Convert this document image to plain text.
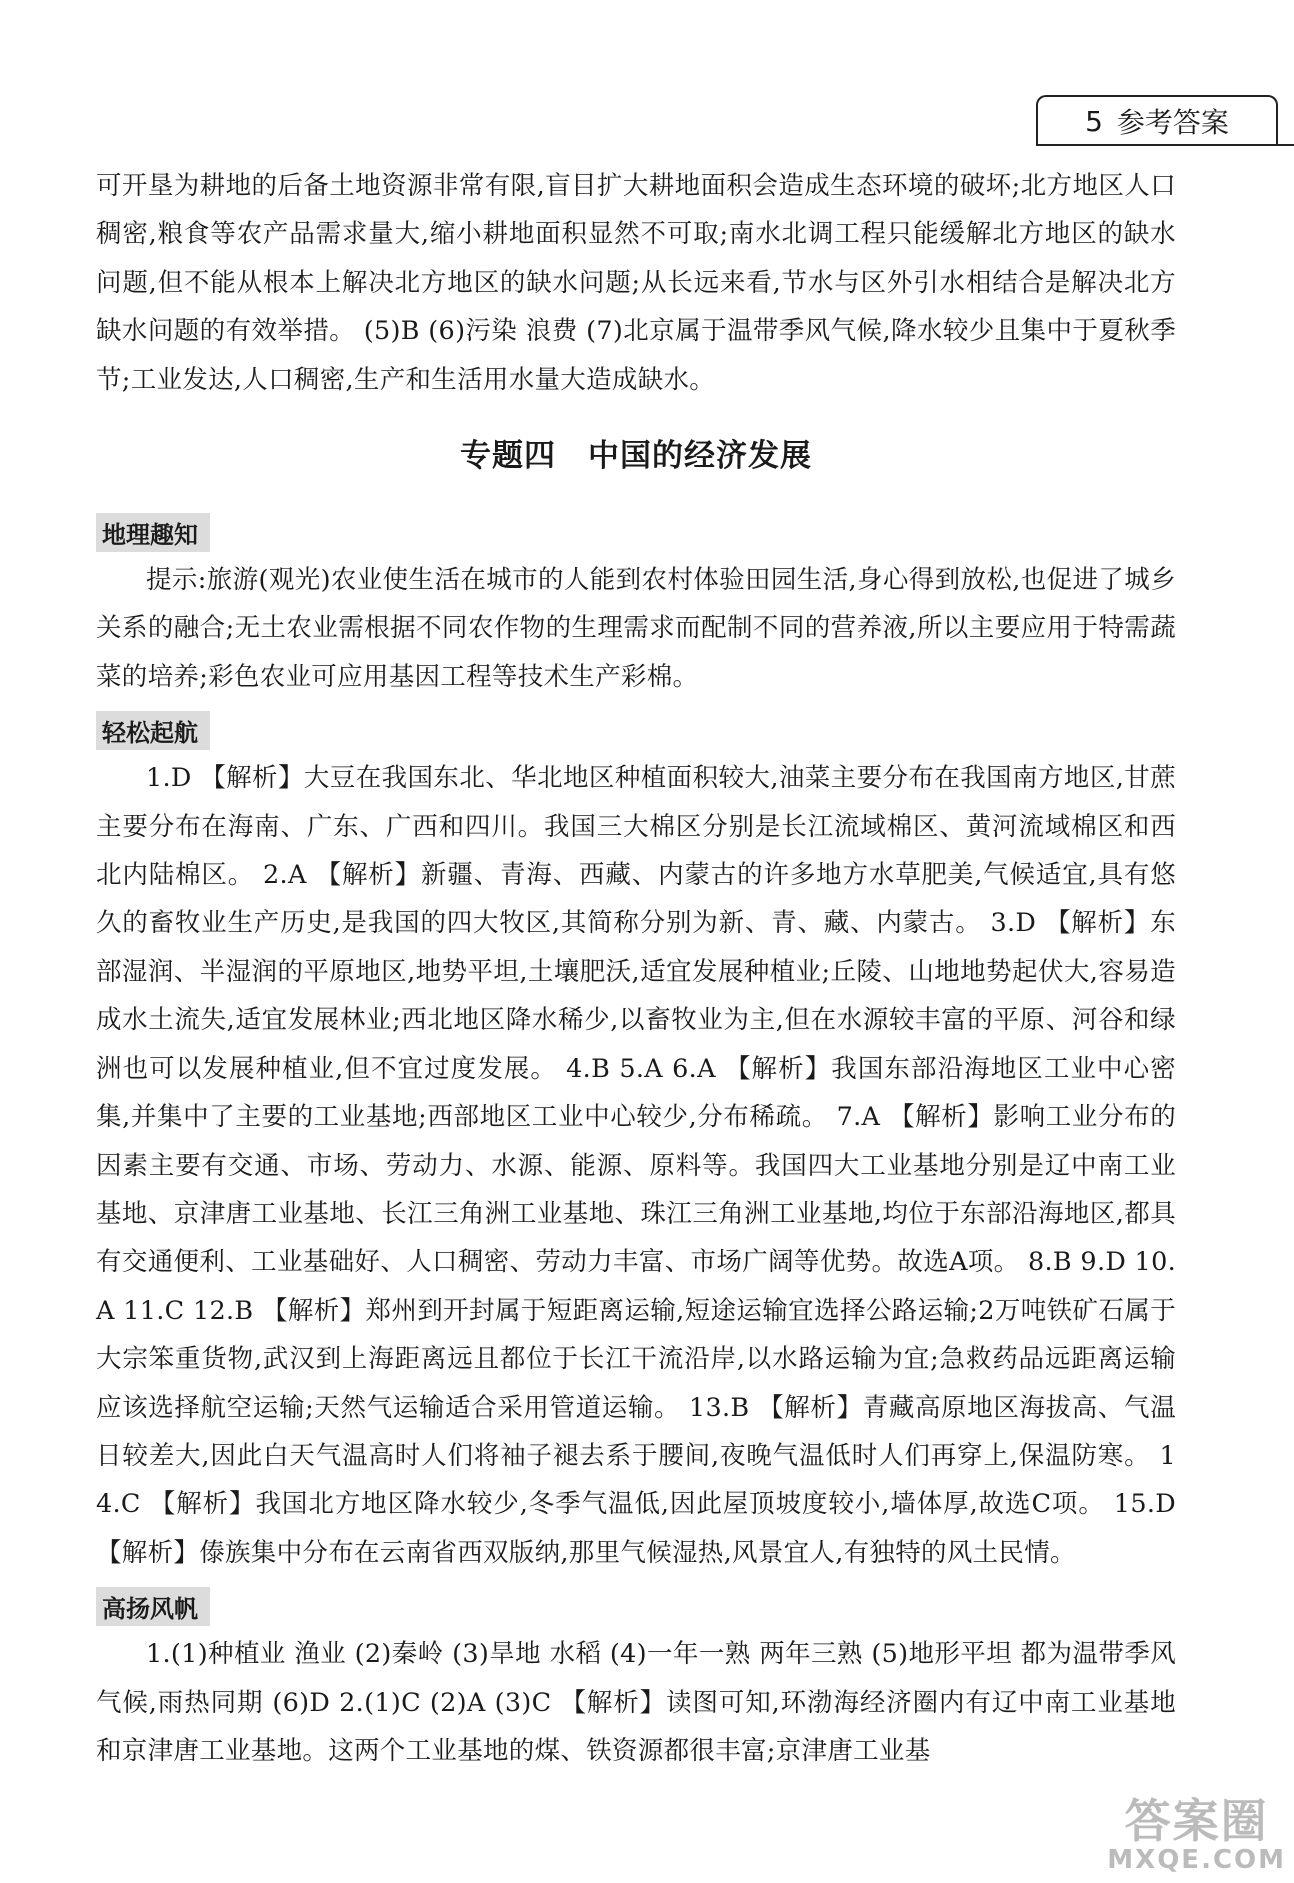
5 参考答案

可开垦为耕地的后备土地资源非常有限,盲目扩大耕地面积会造成生态环境的破坏;北方地区人口稠密,粮食等农产品需求量大,缩小耕地面积显然不可取;南水北调工程只能缓解北方地区的缺水问题,但不能从根本上解决北方地区的缺水问题;从长远来看,节水与区外引水相结合是解决北方缺水问题的有效举措。 (5)B (6)污染 浪费 (7)北京属于温带季风气候,降水较少且集中于夏秋季节;工业发达,人口稠密,生产和生活用水量大造成缺水。

专题四　中国的经济发展
地理趣知

提示:旅游(观光)农业使生活在城市的人能到农村体验田园生活,身心得到放松,也促进了城乡关系的融合;无土农业需根据不同农作物的生理需求而配制不同的营养液,所以主要应用于特需蔬菜的培养;彩色农业可应用基因工程等技术生产彩棉。

轻松起航

1.D 【解析】大豆在我国东北、华北地区种植面积较大,油菜主要分布在我国南方地区,甘蔗主要分布在海南、广东、广西和四川。我国三大棉区分别是长江流域棉区、黄河流域棉区和西北内陆棉区。 2.A 【解析】新疆、青海、西藏、内蒙古的许多地方水草肥美,气候适宜,具有悠久的畜牧业生产历史,是我国的四大牧区,其简称分别为新、青、藏、内蒙古。 3.D 【解析】东部湿润、半湿润的平原地区,地势平坦,土壤肥沃,适宜发展种植业;丘陵、山地地势起伏大,容易造成水土流失,适宜发展林业;西北地区降水稀少,以畜牧业为主,但在水源较丰富的平原、河谷和绿洲也可以发展种植业,但不宜过度发展。 4.B 5.A 6.A 【解析】我国东部沿海地区工业中心密集,并集中了主要的工业基地;西部地区工业中心较少,分布稀疏。 7.A 【解析】影响工业分布的因素主要有交通、市场、劳动力、水源、能源、原料等。我国四大工业基地分别是辽中南工业基地、京津唐工业基地、长江三角洲工业基地、珠江三角洲工业基地,均位于东部沿海地区,都具有交通便利、工业基础好、人口稠密、劳动力丰富、市场广阔等优势。故选A项。 8.B 9.D 10.A 11.C 12.B 【解析】郑州到开封属于短距离运输,短途运输宜选择公路运输;2万吨铁矿石属于大宗笨重货物,武汉到上海距离远且都位于长江干流沿岸,以水路运输为宜;急救药品远距离运输应该选择航空运输;天然气运输适合采用管道运输。 13.B 【解析】青藏高原地区海拔高、气温日较差大,因此白天气温高时人们将袖子褪去系于腰间,夜晚气温低时人们再穿上,保温防寒。 14.C 【解析】我国北方地区降水较少,冬季气温低,因此屋顶坡度较小,墙体厚,故选C项。 15.D 【解析】傣族集中分布在云南省西双版纳,那里气候湿热,风景宜人,有独特的风土民情。

高扬风帆

1.(1)种植业 渔业 (2)秦岭 (3)旱地 水稻 (4)一年一熟 两年三熟 (5)地形平坦 都为温带季风气候,雨热同期 (6)D 2.(1)C (2)A (3)C 【解析】读图可知,环渤海经济圈内有辽中南工业基地和京津唐工业基地。这两个工业基地的煤、铁资源都很丰富;京津唐工业基

答案圈
MXQE.COM
